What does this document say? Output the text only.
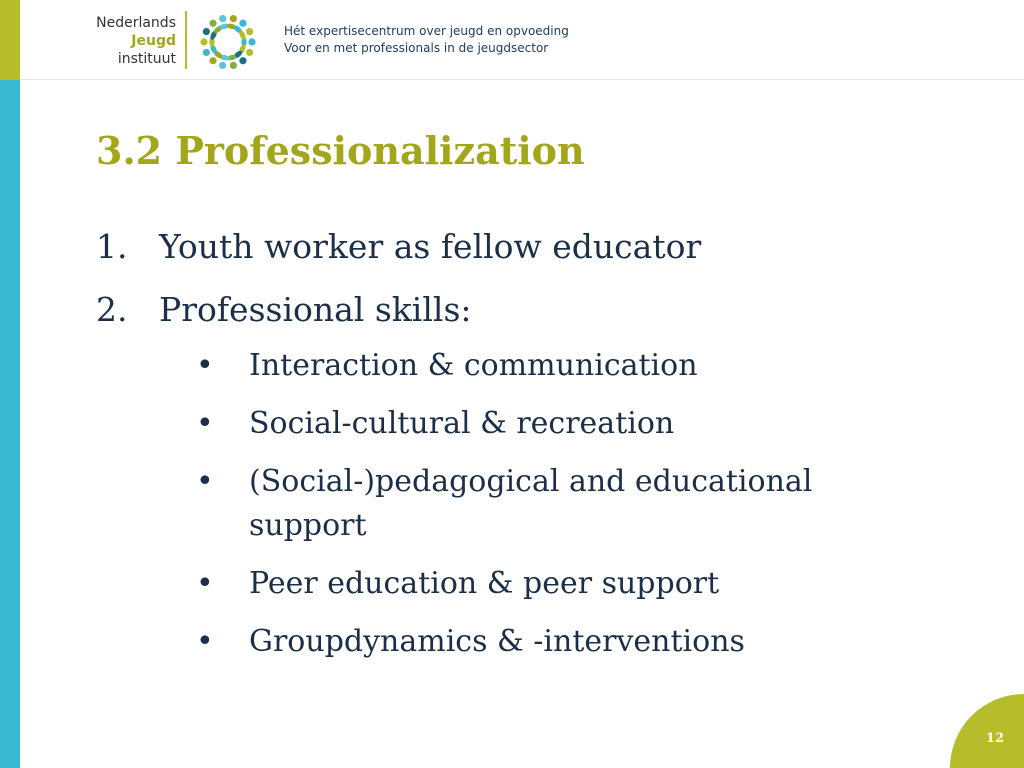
Nederlands
Jeugd
instituut
Hét expertisecentrum over jeugd en opvoeding
Voor en met professionals in de jeugdsector
3.2 Professionalization
1. Youth worker as fellow educator
2. Professional skills:
• Interaction & communication
• Social-cultural & recreation
• (Social-)pedagogical and educational support
• Peer education & peer support
• Groupdynamics & -interventions
12
